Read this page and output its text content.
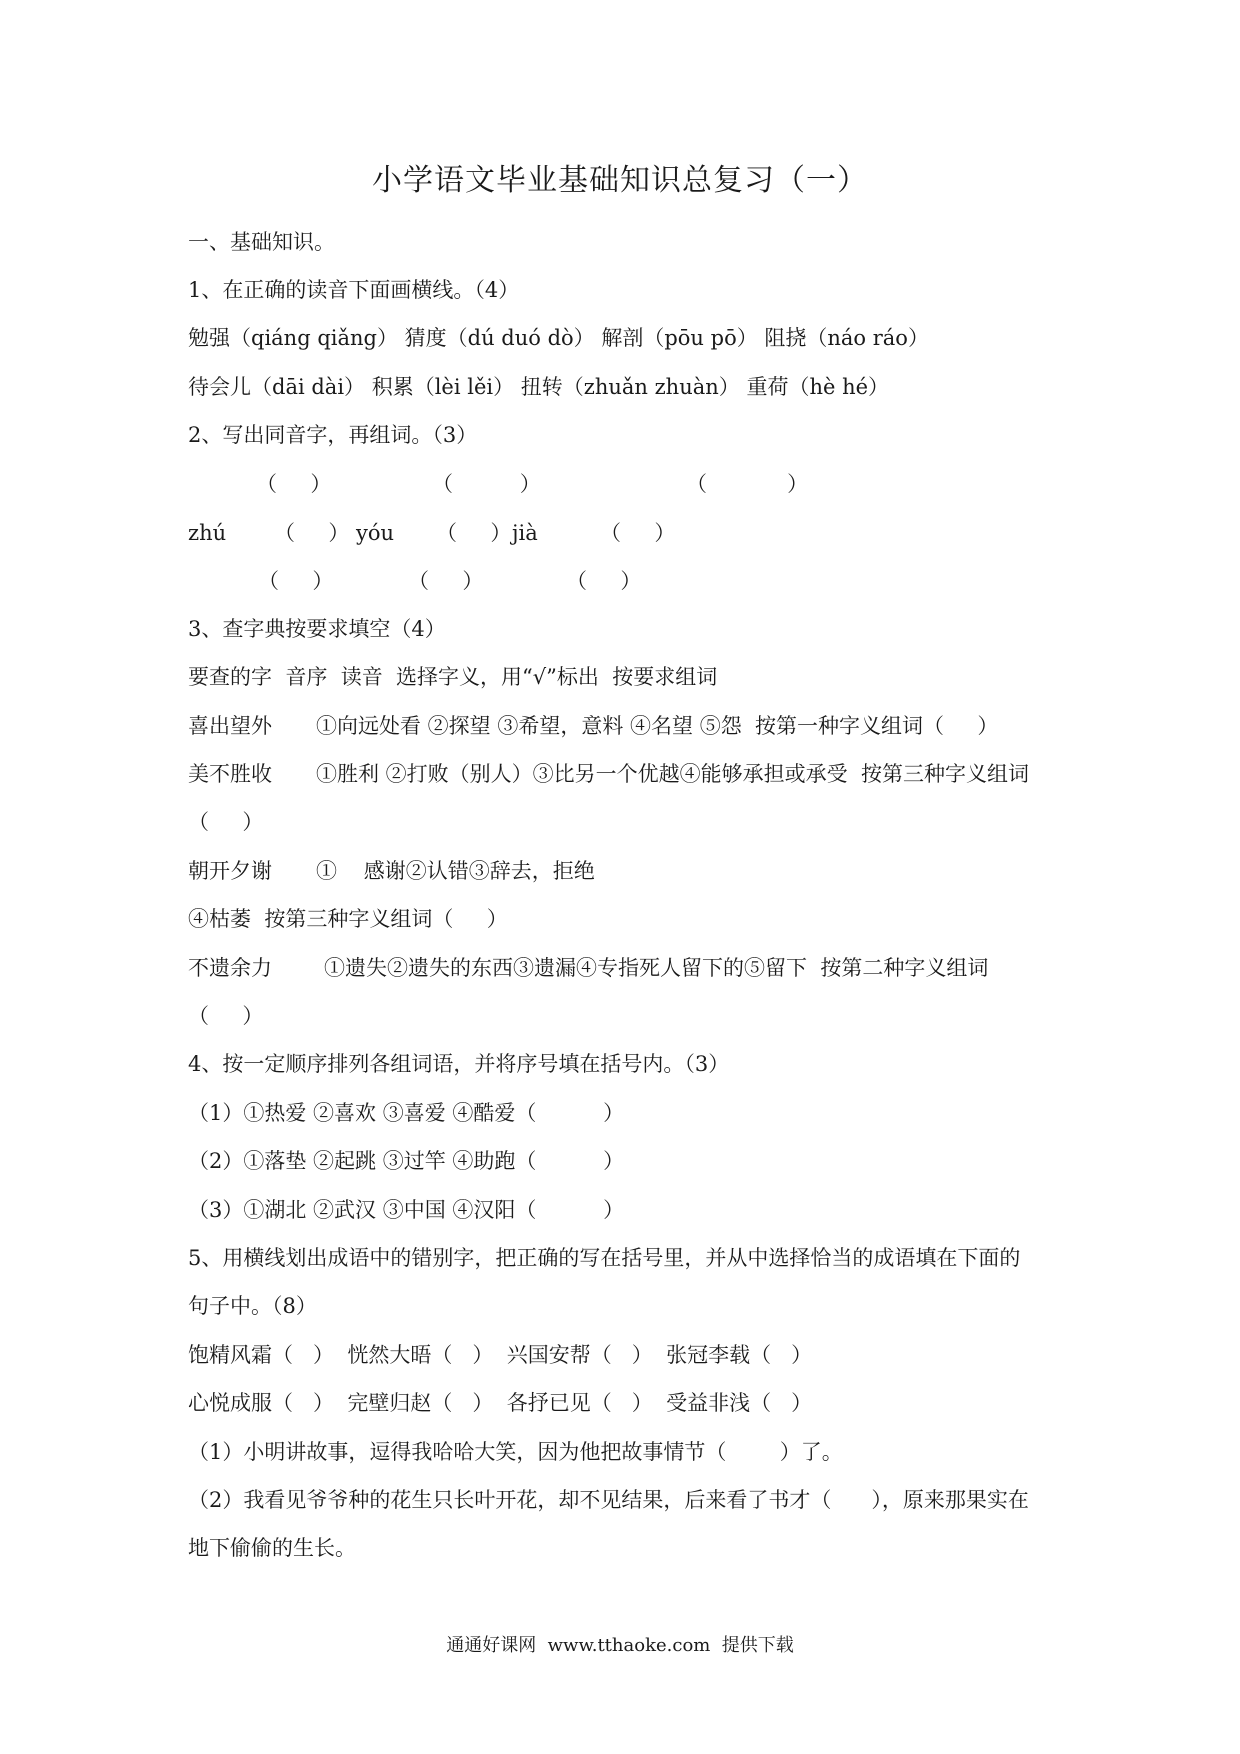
小学语文毕业基础知识总复习（一）
一、基础知识。
1、在正确的读音下面画横线。（4）
勉强（qiáng qiǎng） 猜度（dú duó dò） 解剖（pōu pō） 阻挠（náo ráo）
待会儿（dāi dài） 积累（lèi lěi） 扭转（zhuǎn zhuàn） 重荷（hè hé）
2、写出同音字，再组词。（3）
（     ）	（          ）	（            ）
zhú （     ） yóu （     ） jià	（     ）
（     ）	（     ）	（     ）
3、查字典按要求填空（4）
要查的字  音序  读音  选择字义，用“√”标出  按要求组词
喜出望外 ①向远处看 ②探望 ③希望，意料 ④名望 ⑤怨  按第一种字义组词（     ）
美不胜收 ①胜利 ②打败（别人）③比另一个优越④能够承担或承受  按第三种字义组词
（     ）
朝开夕谢 ①    感谢②认错③辞去，拒绝
④枯萎  按第三种字义组词（     ）
不遗余力 ①遗失②遗失的东西③遗漏④专指死人留下的⑤留下  按第二种字义组词
（     ）
4、按一定顺序排列各组词语，并将序号填在括号内。（3）
（1）①热爱 ②喜欢 ③喜爱 ④酷爱（          ）
（2）①落垫 ②起跳 ③过竿 ④助跑（          ）
（3）①湖北 ②武汉 ③中国 ④汉阳（          ）
5、用横线划出成语中的错别字，把正确的写在括号里，并从中选择恰当的成语填在下面的
句子中。（8）
饱精风霜（   ）  恍然大晤（   ）  兴国安帮（   ）  张冠李载（   ）
心悦成服（   ）  完壁归赵（   ）  各抒已见（   ）  受益非浅（   ）
（1）小明讲故事，逗得我哈哈大笑，因为他把故事情节（        ）了。
（2）我看见爷爷种的花生只长叶开花，却不见结果，后来看了书才（      ），原来那果实在
地下偷偷的生长。
通通好课网  www.tthaoke.com  提供下载
